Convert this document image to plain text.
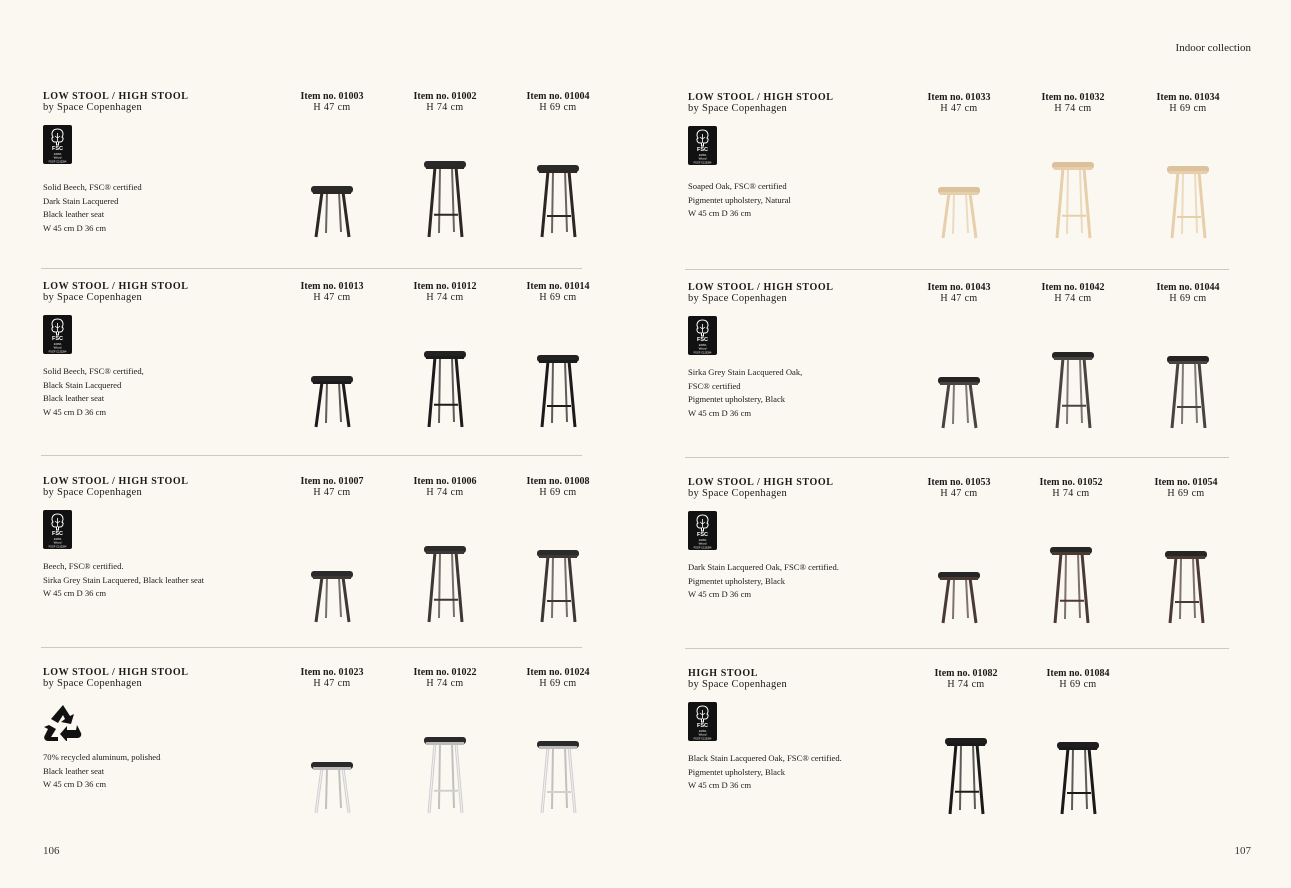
Indoor collection
106	107
LOW STOOL / HIGH STOOL
by Space Copenhagen
FSC
100%
Wood
FSC® C132284
Solid Beech, FSC® certified
Dark Stain Lacquered
Black leather seat
W 45 cm D 36 cm
Item no. 01003
H 47 cm
Item no. 01002
H 74 cm
Item no. 01004
H 69 cm
LOW STOOL / HIGH STOOL
by Space Copenhagen
FSC
100%
Wood
FSC® C132284
Solid Beech, FSC® certified,
Black Stain Lacquered
Black leather seat
W 45 cm D 36 cm
Item no. 01013
H 47 cm
Item no. 01012
H 74 cm
Item no. 01014
H 69 cm
LOW STOOL / HIGH STOOL
by Space Copenhagen
FSC
100%
Wood
FSC® C132284
Beech, FSC® certified.
Sirka Grey Stain Lacquered, Black leather seat
W 45 cm D 36 cm
Item no. 01007
H 47 cm
Item no. 01006
H 74 cm
Item no. 01008
H 69 cm
LOW STOOL / HIGH STOOL
by Space Copenhagen
70% recycled aluminum, polished
Black leather seat
W 45 cm D 36 cm
Item no. 01023
H 47 cm
Item no. 01022
H 74 cm
Item no. 01024
H 69 cm
LOW STOOL / HIGH STOOL
by Space Copenhagen
FSC
100%
Wood
FSC® C132284
Soaped Oak, FSC® certified
Pigmentet upholstery, Natural
W 45 cm D 36 cm
Item no. 01033
H 47 cm
Item no. 01032
H 74 cm
Item no. 01034
H 69 cm
LOW STOOL / HIGH STOOL
by Space Copenhagen
FSC
100%
Wood
FSC® C132284
Sirka Grey Stain Lacquered Oak,
FSC® certified
Pigmentet upholstery, Black
W 45 cm D 36 cm
Item no. 01043
H 47 cm
Item no. 01042
H 74 cm
Item no. 01044
H 69 cm
LOW STOOL / HIGH STOOL
by Space Copenhagen
FSC
100%
Wood
FSC® C132284
Dark Stain Lacquered Oak, FSC® certified.
Pigmentet upholstery, Black
W 45 cm D 36 cm
Item no. 01053
H 47 cm
Item no. 01052
H 74 cm
Item no. 01054
H 69 cm
HIGH STOOL
by Space Copenhagen
FSC
100%
Wood
FSC® C132284
Black Stain Lacquered Oak, FSC® certified.
Pigmentet upholstery, Black
W 45 cm D 36 cm
Item no. 01082
H 74 cm
Item no. 01084
H 69 cm
